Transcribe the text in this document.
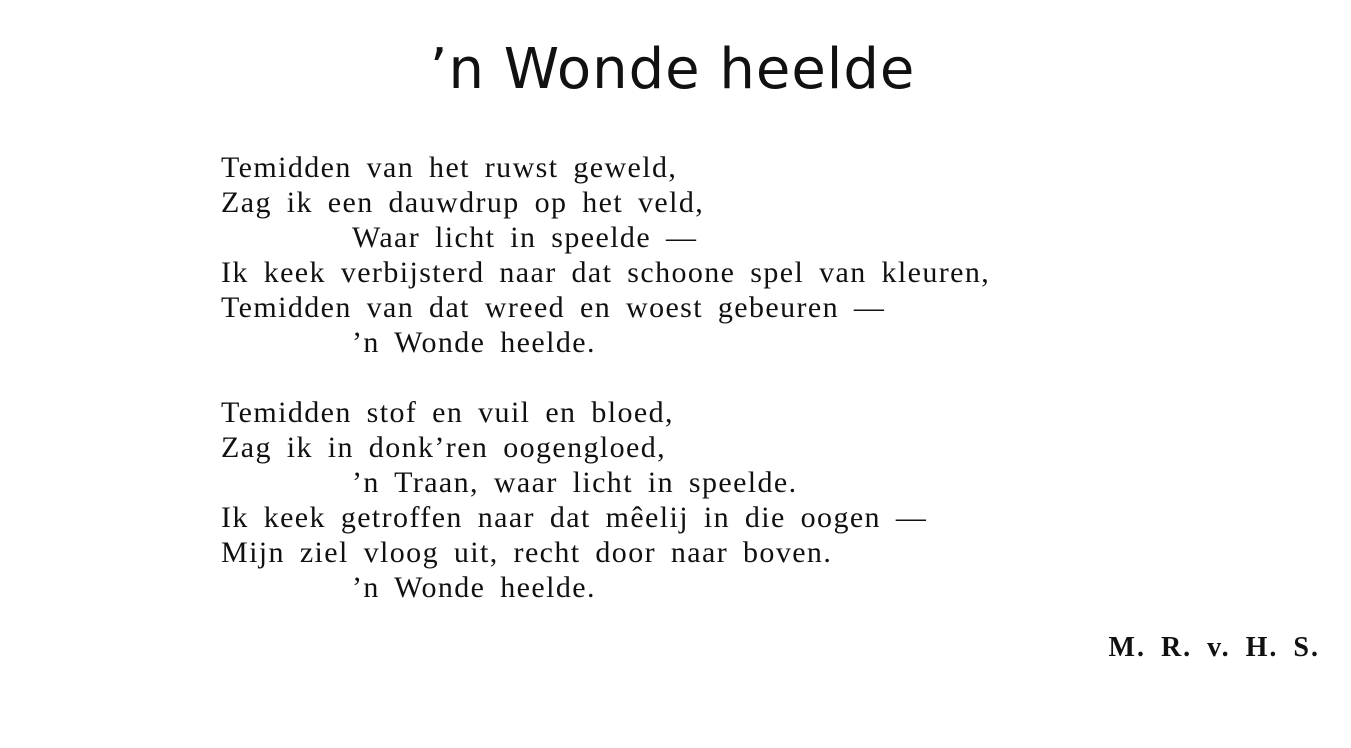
’n Wonde heelde
Temidden van het ruwst geweld,
Zag ik een dauwdrup op het veld,
Waar licht in speelde —
Ik keek verbijsterd naar dat schoone spel van kleuren,
Temidden van dat wreed en woest gebeuren —
’n Wonde heelde.
Temidden stof en vuil en bloed,
Zag ik in donk’ren oogengloed,
’n Traan, waar licht in speelde.
Ik keek getroffen naar dat mêelij in die oogen —
Mijn ziel vloog uit, recht door naar boven.
’n Wonde heelde.
M. R. v. H. S.
